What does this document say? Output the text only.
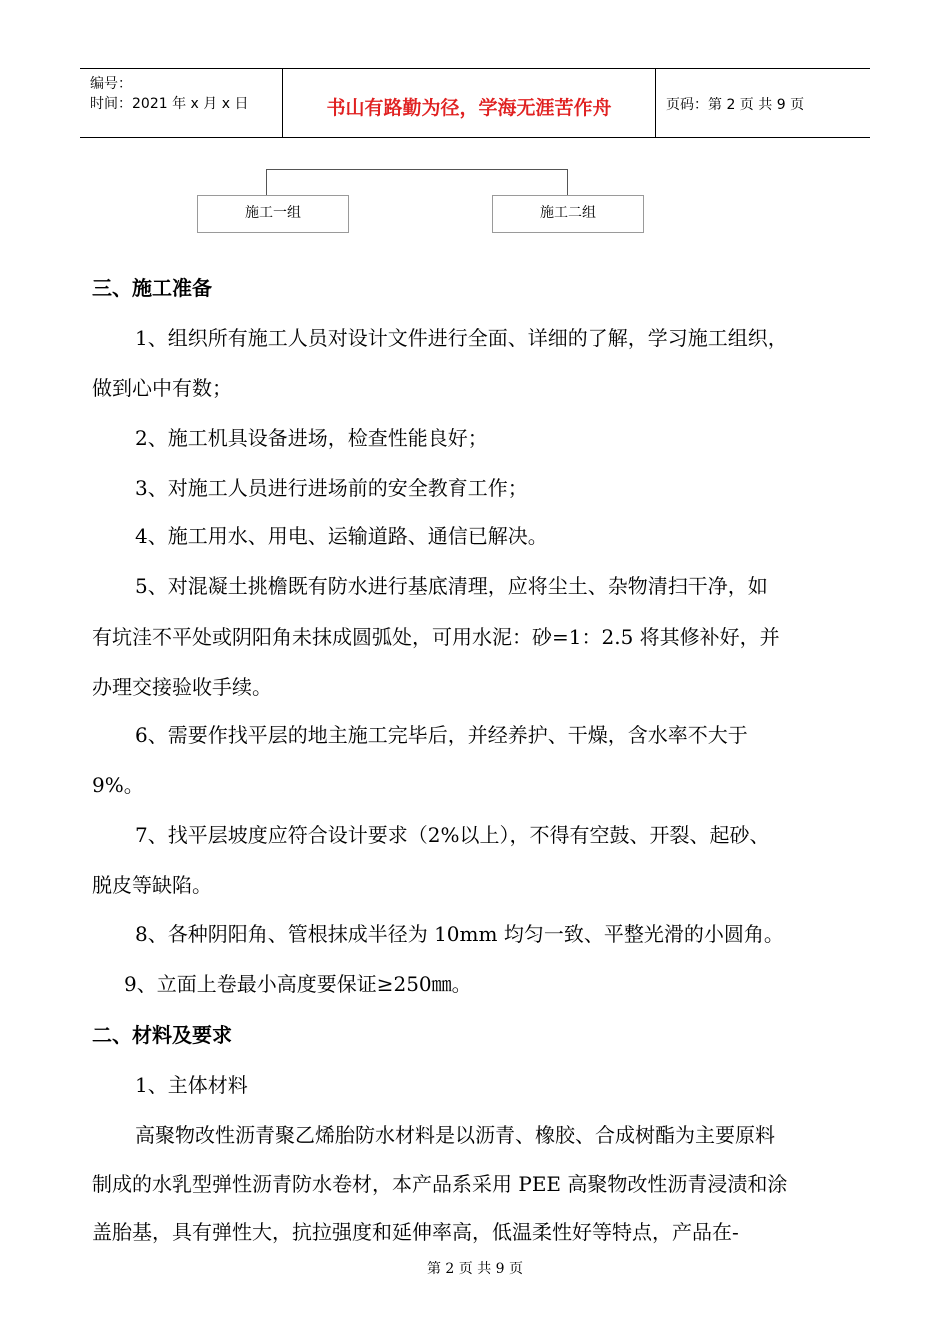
编号：
时间：2021 年 x 月 x 日	书山有路勤为径，学海无涯苦作舟	页码：第 2 页 共 9 页
施工一组	施工二组
三、施工准备
1、组织所有施工人员对设计文件进行全面、详细的了解，学习施工组织，
做到心中有数；
2、施工机具设备进场，检查性能良好；
3、对施工人员进行进场前的安全教育工作；
4、施工用水、用电、运输道路、通信已解决。
5、对混凝土挑檐既有防水进行基底清理，应将尘土、杂物清扫干净，如
有坑洼不平处或阴阳角未抹成圆弧处，可用水泥：砂=1：2.5 将其修补好，并
办理交接验收手续。
6、需要作找平层的地主施工完毕后，并经养护、干燥，含水率不大于
9%。
7、找平层坡度应符合设计要求（2%以上），不得有空鼓、开裂、起砂、
脱皮等缺陷。
8、各种阴阳角、管根抹成半径为 10mm 均匀一致、平整光滑的小圆角。
9、立面上卷最小高度要保证≥250㎜。
二、材料及要求
1、主体材料
高聚物改性沥青聚乙烯胎防水材料是以沥青、橡胶、合成树酯为主要原料
制成的水乳型弹性沥青防水卷材，本产品系采用 PEE 高聚物改性沥青浸渍和涂
盖胎基，具有弹性大，抗拉强度和延伸率高，低温柔性好等特点，产品在-
第 2 页 共 9 页
